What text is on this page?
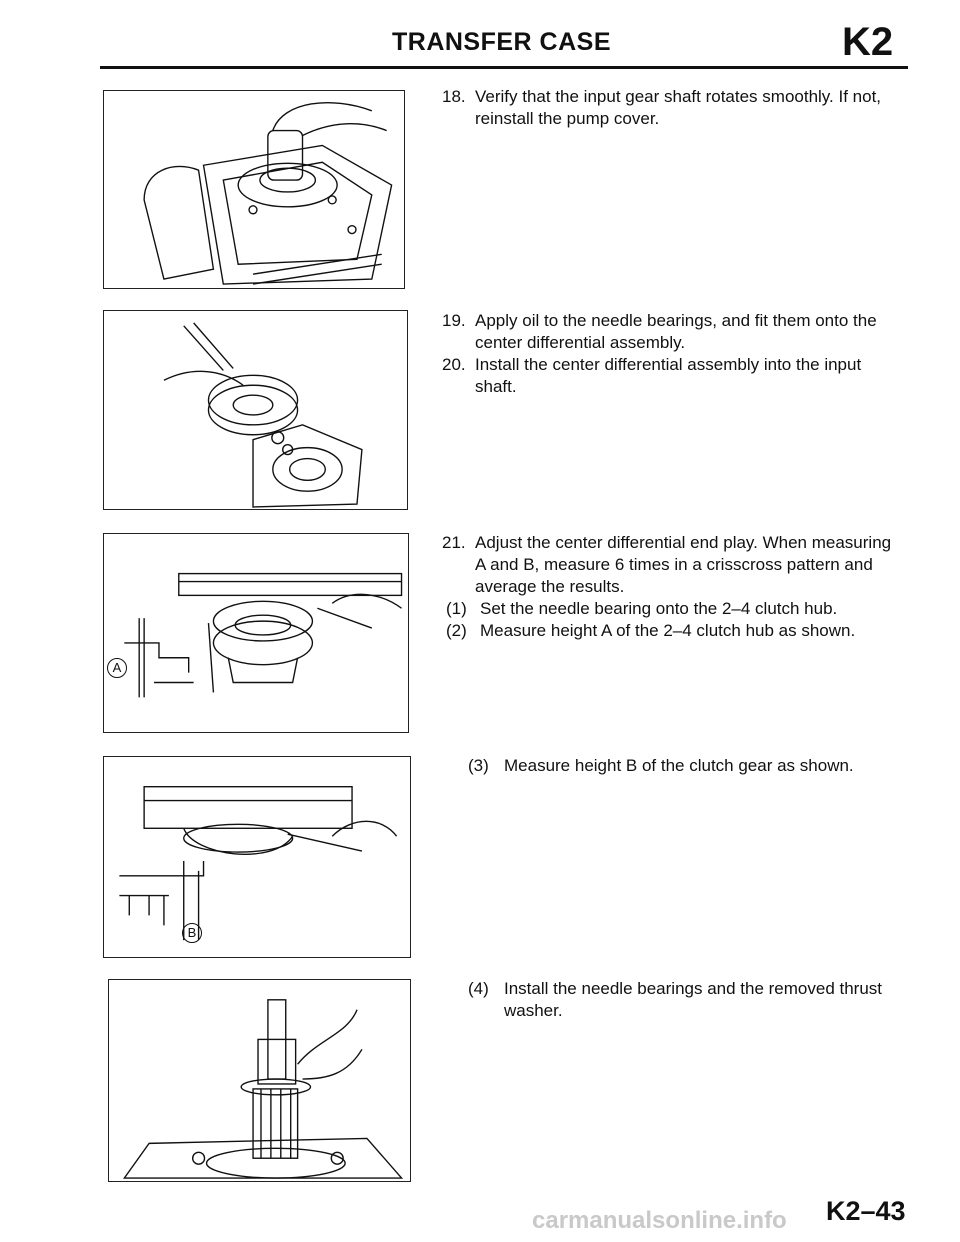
TRANSFER CASE	K2
A
B
18. Verify that the input gear shaft rotates smoothly. If not, reinstall the pump cover.
19. Apply oil to the needle bearings, and fit them onto the center differential assembly.
20. Install the center differential assembly into the input shaft.
21. Adjust the center differential end play. When measuring A and B, measure 6 times in a crisscross pattern and average the results.
(1) Set the needle bearing onto the 2–4 clutch hub.
(2) Measure height A of the 2–4 clutch hub as shown.
(3) Measure height B of the clutch gear as shown.
(4) Install the needle bearings and the removed thrust washer.
carmanualsonline.info K2–43
